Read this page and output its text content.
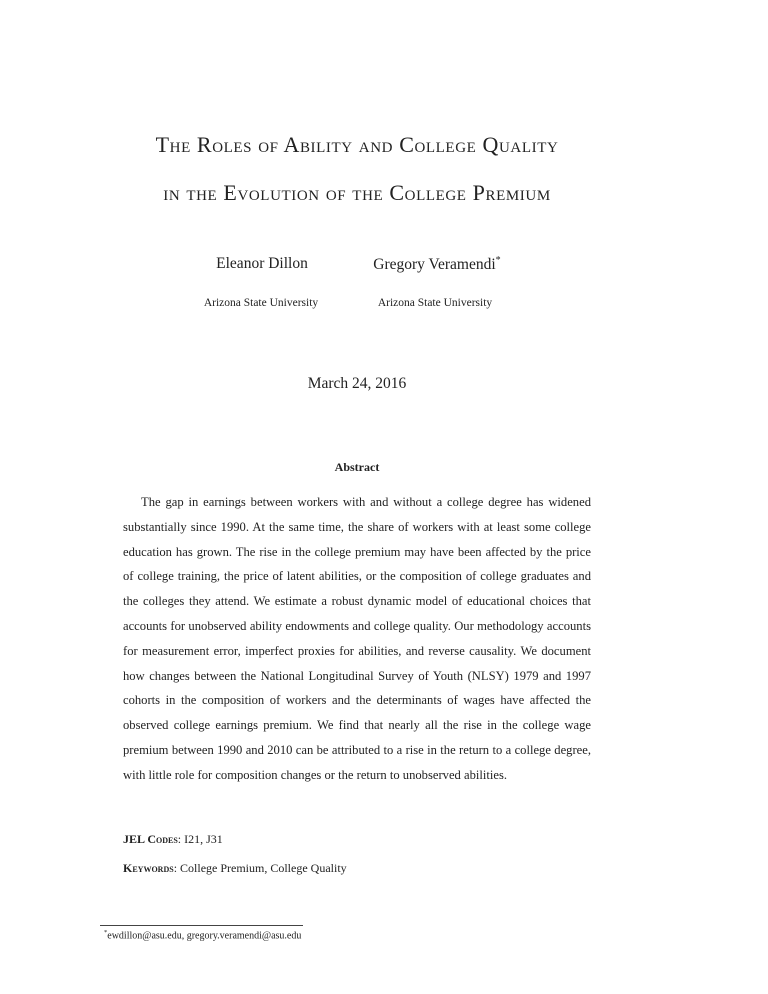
The Roles of Ability and College Quality
in the Evolution of the College Premium
Eleanor Dillon	Gregory Veramendi*
Arizona State University	Arizona State University
March 24, 2016
Abstract

The gap in earnings between workers with and without a college degree has widened substantially since 1990. At the same time, the share of workers with at least some college education has grown. The rise in the college premium may have been affected by the price of college training, the price of latent abilities, or the composition of college graduates and the colleges they attend. We estimate a robust dynamic model of educational choices that accounts for unobserved ability endowments and college quality. Our methodology accounts for measurement error, imperfect proxies for abilities, and reverse causality. We document how changes between the National Longitudinal Survey of Youth (NLSY) 1979 and 1997 cohorts in the composition of workers and the determinants of wages have affected the observed college earnings premium. We find that nearly all the rise in the college wage premium between 1990 and 2010 can be attributed to a rise in the return to a college degree, with little role for composition changes or the return to unobserved abilities.

JEL Codes: I21, J31
Keywords: College Premium, College Quality
*ewdillon@asu.edu, gregory.veramendi@asu.edu
